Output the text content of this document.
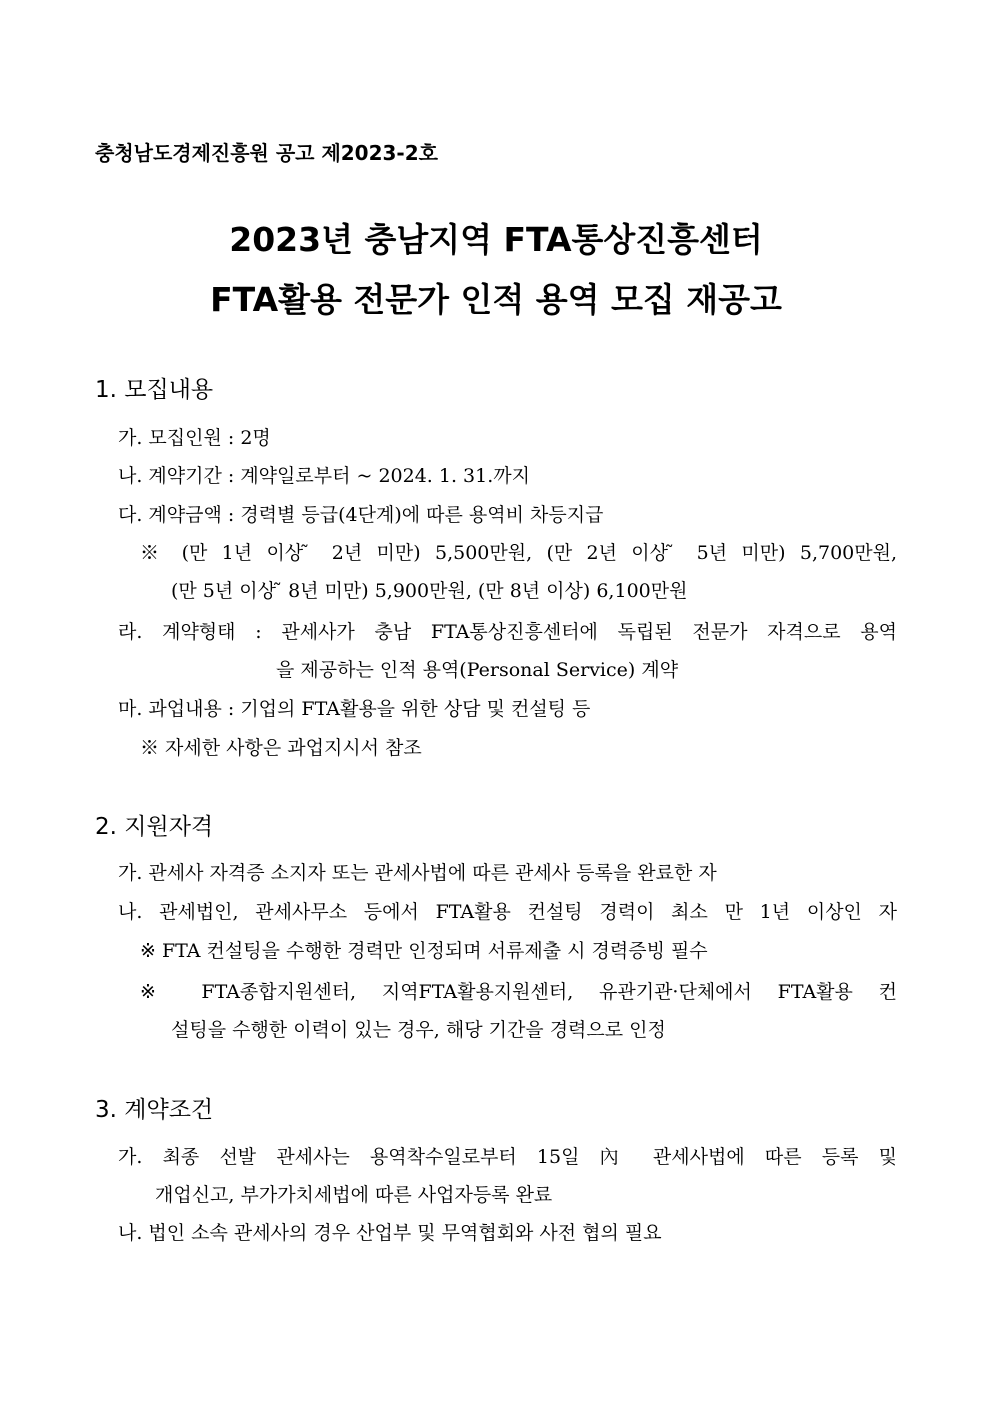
충청남도경제진흥원 공고 제2023-2호
2023년 충남지역 FTA통상진흥센터
FTA활용 전문가 인적 용역 모집 재공고
1. 모집내용
가. 모집인원 : 2명
나. 계약기간 : 계약일로부터 ~ 2024. 1. 31.까지
다. 계약금액 : 경력별 등급(4단계)에 따른 용역비 차등지급
※ (만 1년 이상 ̃ 2년 미만) 5,500만원, (만 2년 이상 ̃ 5년 미만) 5,700만원,
(만 5년 이상 ̃ 8년 미만) 5,900만원, (만 8년 이상) 6,100만원
라. 계약형태 : 관세사가 충남 FTA통상진흥센터에 독립된 전문가 자격으로 용역
을 제공하는 인적 용역(Personal Service) 계약
마. 과업내용 : 기업의 FTA활용을 위한 상담 및 컨설팅 등
※ 자세한 사항은 과업지시서 참조
2. 지원자격
가. 관세사 자격증 소지자 또는 관세사법에 따른 관세사 등록을 완료한 자
나. 관세법인, 관세사무소 등에서 FTA활용 컨설팅 경력이 최소 만 1년 이상인 자
※ FTA 컨설팅을 수행한 경력만 인정되며 서류제출 시 경력증빙 필수
※ FTA종합지원센터, 지역FTA활용지원센터, 유관기관·단체에서 FTA활용 컨
설팅을 수행한 이력이 있는 경우, 해당 기간을 경력으로 인정
3. 계약조건
가. 최종 선발 관세사는 용역착수일로부터 15일 內 관세사법에 따른 등록 및
개업신고, 부가가치세법에 따른 사업자등록 완료
나. 법인 소속 관세사의 경우 산업부 및 무역협회와 사전 협의 필요
